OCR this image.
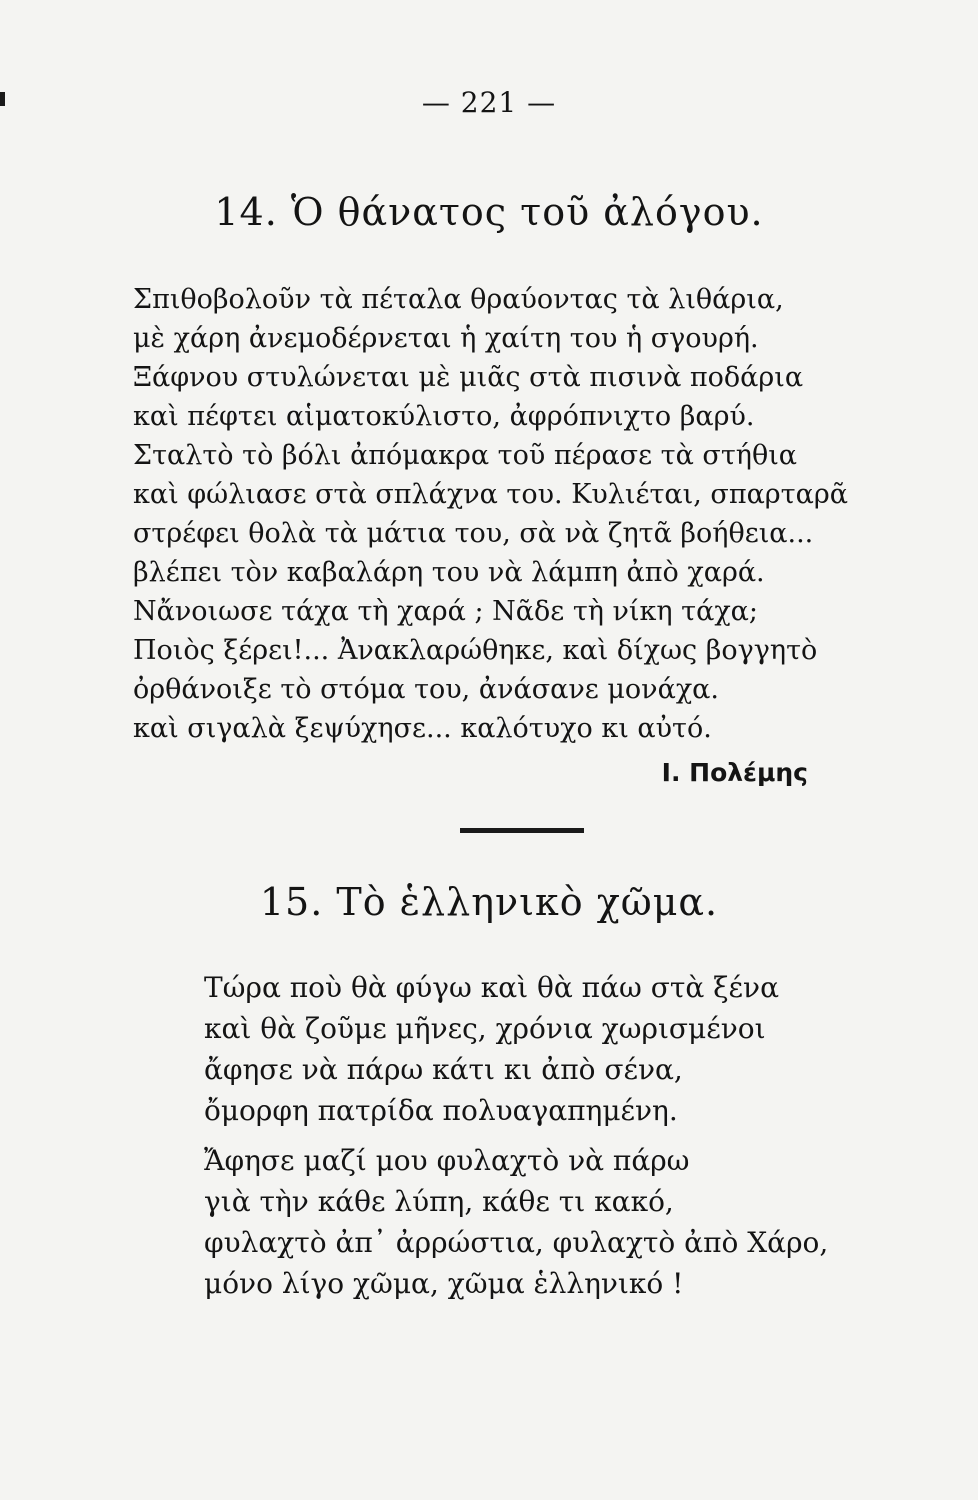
— 221 —
14. Ὁ θάνατος τοῦ ἀλόγου.
Σπιθοβολοῦν τὰ πέταλα θραύοντας τὰ λιθάρια,
μὲ χάρη ἀνεμοδέρνεται ἡ χαίτη του ἡ σγουρή.
Ξάφνου στυλώνεται μὲ μιᾶς στὰ πισινὰ ποδάρια
καὶ πέφτει αἱματοκύλιστο, ἀφρόπνιχτο βαρύ.
Σταλτὸ τὸ βόλι ἀπόμακρα τοῦ πέρασε τὰ στήθια
καὶ φώλιασε στὰ σπλάχνα του. Κυλιέται, σπαρταρᾶ
στρέφει θολὰ τὰ μάτια του, σὰ νὰ ζητᾶ βοήθεια...
βλέπει τὸν καβαλάρη του νὰ λάμπη ἀπὸ χαρά.
Νἄνοιωσε τάχα τὴ χαρά ; Νᾶδε τὴ νίκη τάχα;
Ποιὸς ξέρει!... Ἀνακλαρώθηκε, καὶ δίχως βογγητὸ
ὀρθάνοιξε τὸ στόμα του, ἀνάσανε μονάχα.
καὶ σιγαλὰ ξεψύχησε... καλότυχο κι αὐτό.
Ι. Πολέμης
15. Τὸ ἑλληνικὸ χῶμα.
Τώρα ποὺ θὰ φύγω καὶ θὰ πάω στὰ ξένα
καὶ θὰ ζοῦμε μῆνες, χρόνια χωρισμένοι
ἄφησε νὰ πάρω κάτι κι ἀπὸ σένα,
ὄμορφη πατρίδα πολυαγαπημένη.
Ἄφησε μαζί μου φυλαχτὸ νὰ πάρω
γιὰ τὴν κάθε λύπη, κάθε τι κακό,
φυλαχτὸ ἀπ᾽ ἀρρώστια, φυλαχτὸ ἀπὸ Χάρο,
μόνο λίγο χῶμα, χῶμα ἑλληνικό !
